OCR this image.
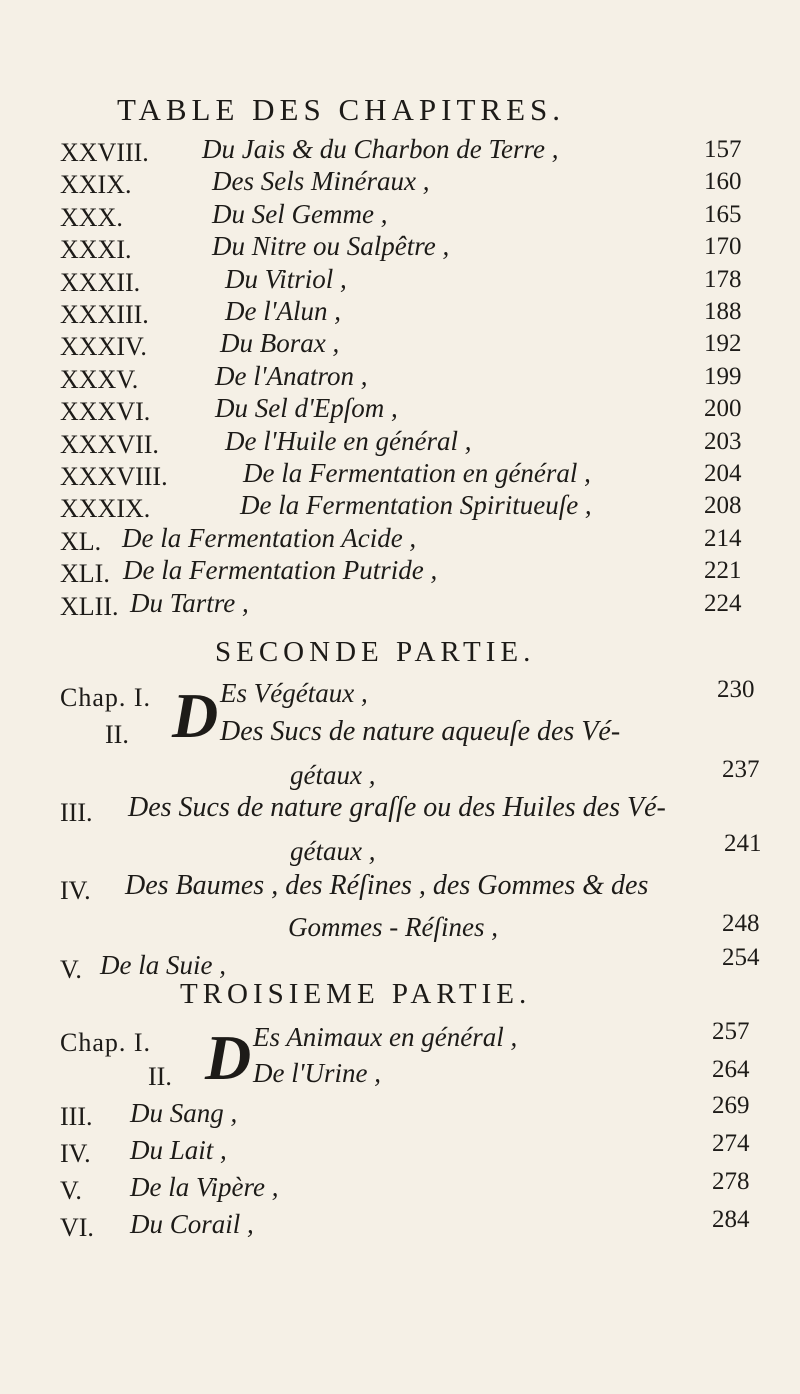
TABLE DES CHAPITRES.
XXVIII. Du Jais & du Charbon de Terre ,	157
XXIX.	Des Sels Minéraux ,	160
XXX.	Du Sel Gemme ,	165
XXXI.	Du Nitre ou Salpêtre ,	170
XXXII.	Du Vitriol ,	178
XXXIII.	De l'Alun ,	188
XXXIV.	Du Borax ,	192
XXXV.	De l'Anatron ,	199
XXXVI. Du Sel d'Epſom ,	200
XXXVII. De l'Huile en général ,	203
XXXVIII.	De la Fermentation en général ,	204
XXXIX.	De la Fermentation Spiritueuſe ,	208
XL. De la Fermentation Acide ,	214
XLI. De la Fermentation Putride ,	221
XLII. Du Tartre ,	224
SECONDE PARTIE.
Chap. I. D Es Végétaux ,	230
II.	Des Sucs de nature aqueuſe des Vé-
gétaux ,	237
III. Des Sucs de nature graſſe ou des Huiles des Vé-
gétaux ,	241
IV. Des Baumes , des Réſines , des Gommes & des
Gommes - Réſines ,	248
V. De la Suie ,	254
TROISIEME PARTIE.
Chap. I. D Es Animaux en général ,	257
II.	De l'Urine ,	264
III. Du Sang ,	269
IV. Du Lait ,	274
V. De la Vipère ,	278
VI. Du Corail ,	284
